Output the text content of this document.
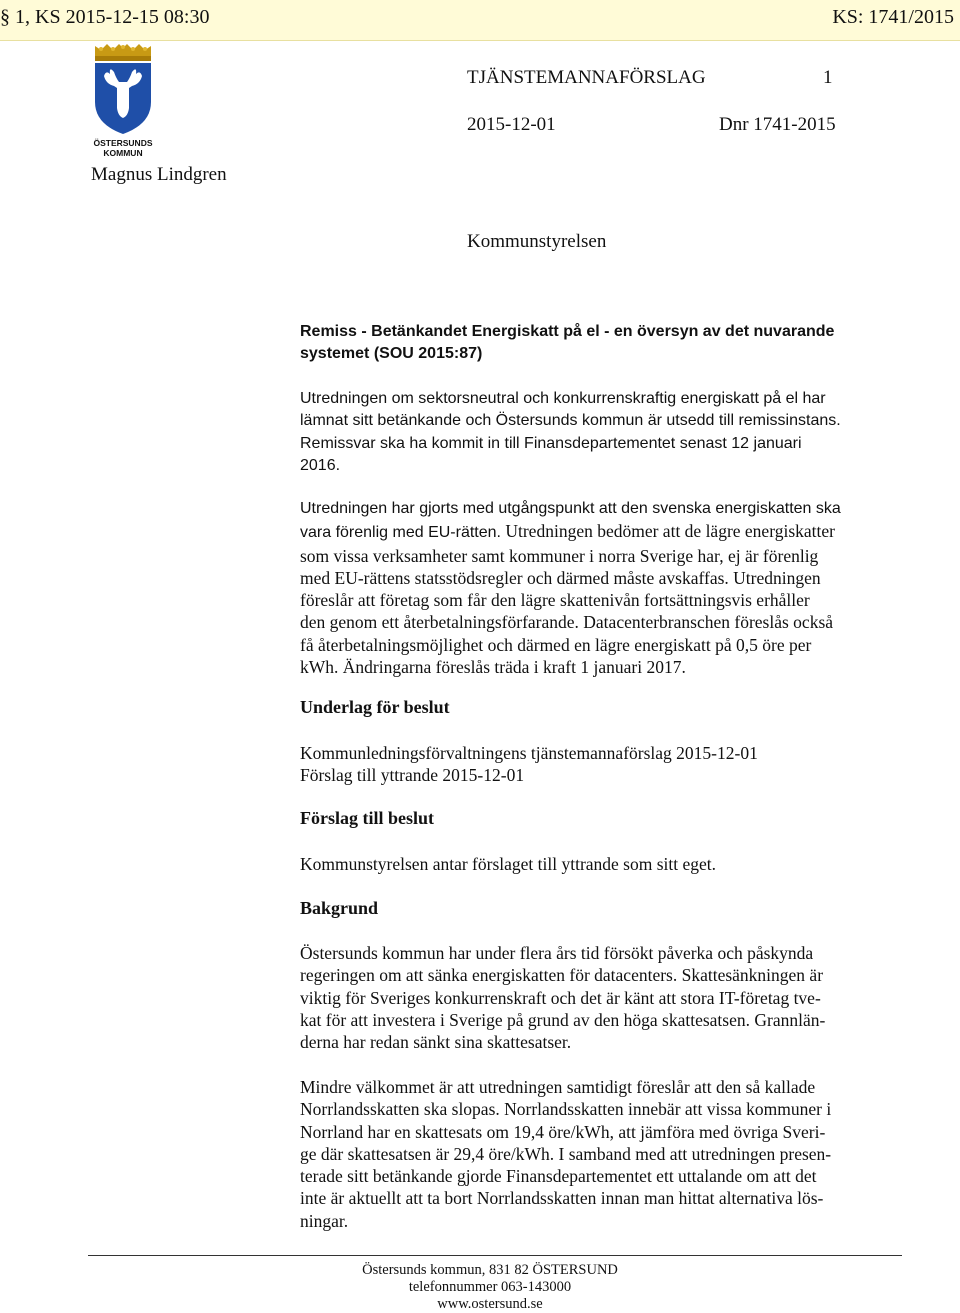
§ 1, KS 2015-12-15 08:30	KS: 1741/2015
ÖSTERSUNDS
KOMMUN
TJÄNSTEMANNAFÖRSLAG	1
2015-12-01	Dnr 1741-2015
Magnus Lindgren
Kommunstyrelsen

Remiss - Betänkandet Energiskatt på el - en översyn av det nuvarande

systemet (SOU 2015:87)

Utredningen om sektorsneutral och konkurrenskraftig energiskatt på el har

lämnat sitt betänkande och Östersunds kommun är utsedd till remissinstans.

Remissvar ska ha kommit in till Finansdepartementet senast 12 januari

2016.

Utredningen har gjorts med utgångspunkt att den svenska energiskatten ska

vara förenlig med EU-rätten. Utredningen bedömer att de lägre energiskatter

som vissa verksamheter samt kommuner i norra Sverige har, ej är förenlig

med EU-rättens statsstödsregler och därmed måste avskaffas. Utredningen

föreslår att företag som får den lägre skattenivån fortsättningsvis erhåller

den genom ett återbetalningsförfarande. Datacenterbranschen föreslås också

få återbetalningsmöjlighet och därmed en lägre energiskatt på 0,5 öre per

kWh. Ändringarna föreslås träda i kraft 1 januari 2017.

Underlag för beslut

Kommunledningsförvaltningens tjänstemannaförslag 2015-12-01

Förslag till yttrande 2015-12-01

Förslag till beslut

Kommunstyrelsen antar förslaget till yttrande som sitt eget.

Bakgrund

Östersunds kommun har under flera års tid försökt påverka och påskynda

regeringen om att sänka energiskatten för datacenters. Skattesänkningen är

viktig för Sveriges konkurrenskraft och det är känt att stora IT-företag tve-

kat för att investera i Sverige på grund av den höga skattesatsen. Grannlän-

derna har redan sänkt sina skattesatser.

Mindre välkommet är att utredningen samtidigt föreslår att den så kallade

Norrlandsskatten ska slopas. Norrlandsskatten innebär att vissa kommuner i

Norrland har en skattesats om 19,4 öre/kWh, att jämföra med övriga Sveri-

ge där skattesatsen är 29,4 öre/kWh. I samband med att utredningen presen-

terade sitt betänkande gjorde Finansdepartementet ett uttalande om att det

inte är aktuellt att ta bort Norrlandsskatten innan man hittat alternativa lös-

ningar.

Östersunds kommun, 831 82 ÖSTERSUND
telefonnummer 063-143000
www.ostersund.se
